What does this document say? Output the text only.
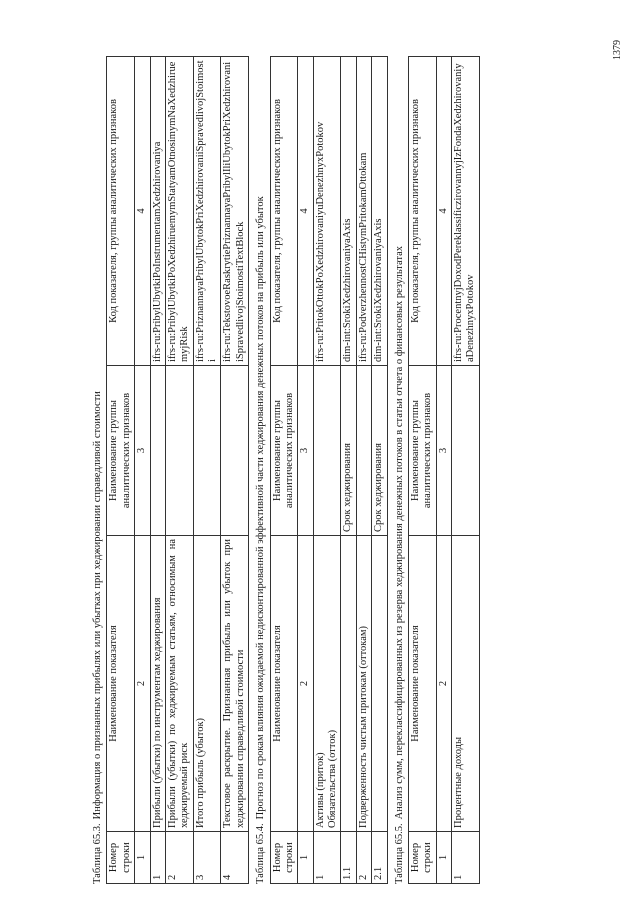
1379
Таблица 65.3.Информация о признанных прибылях или убытках при хеджировании справедливой стоимости
Номер строки	Наименование показателя	Наименование группы аналитических признаков	Код показателя, группы аналитических признаков
1	2	3	4
1	Прибыли (убытки) по инструментам хеджирования		ifrs-ru:PribylUbytkiPoInstrumentamXedzhirovaniya
2	Прибыли (убытки) по хеджируемым статьям, относимым на хеджируемый риск		ifrs-ru:PribylUbytkiPoXedzhiruemymStatyamOtnosimymNaXedzhiruemyjRisk
3	Итого прибыль (убыток)		ifrs-ru:PriznannayaPribylUbytokPriXedzhirovaniiSpravedlivojStoimosti
4	Текстовое раскрытие. Признанная прибыль или убыток при хеджировании справедливой стоимости		ifrs-ru:TekstovoeRaskrytiePriznannayaPribylIliUbytokPriXedzhirovaniiSpravedlivojStoimostiTextBlock
Таблица 65.4.Прогноз по срокам влияния ожидаемой недисконтированной эффективной части хеджирования денежных потоков на прибыль или убыток
Номер строки	Наименование показателя	Наименование группы аналитических признаков	Код показателя, группы аналитических признаков
1	2	3	4
1	Активы (приток) Обязательства (отток)		ifrs-ru:PritokOttokPoXedzhirovaniyuDenezhnyxPotokov
1.1		Срок хеджирования	dim-int:SrokiXedzhirovaniyaAxis
2	Подверженность чистым притокам (оттокам)		ifrs-ru:PodverzhennostCHistymPritokamOttokam
2.1		Срок хеджирования	dim-int:SrokiXedzhirovaniyaAxis
Таблица 65.5.Анализ сумм, переклассифицированных из резерва хеджирования денежных потоков в статьи отчета о финансовых результатах
Номер строки	Наименование показателя	Наименование группы аналитических признаков	Код показателя, группы аналитических признаков
1	2	3	4
1	Процентные доходы		ifrs-ru:ProcentnyjDoxodPereklassificzirovannyjIzFondaXedzhirovaniyaDenezhnyxPotokov
